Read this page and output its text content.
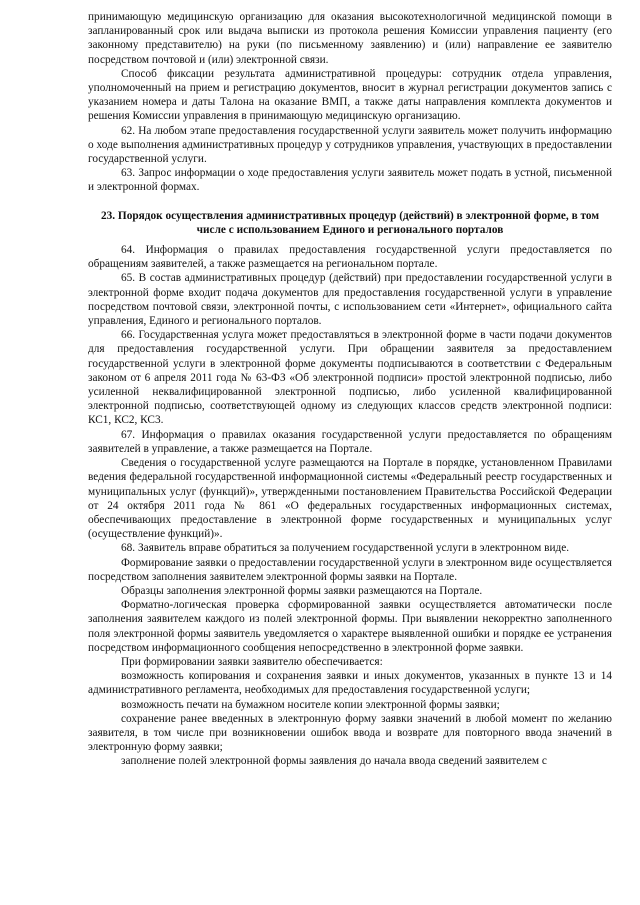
принимающую медицинскую организацию для оказания высокотехнологичной медицинской помощи в запланированный срок или выдача выписки из протокола решения Комиссии управления пациенту (его законному представителю) на руки (по письменному заявлению) и (или) направление ее заявителю посредством почтовой и (или) электронной связи.

Способ фиксации результата административной процедуры: сотрудник отдела управления, уполномоченный на прием и регистрацию документов, вносит в журнал регистрации документов запись с указанием номера и даты Талона на оказание ВМП, а также даты направления комплекта документов и решения Комиссии управления в принимающую медицинскую организацию.

62. На любом этапе предоставления государственной услуги заявитель может получить информацию о ходе выполнения административных процедур у сотрудников управления, участвующих в предоставлении государственной услуги.

63. Запрос информации о ходе предоставления услуги заявитель может подать в устной, письменной и электронной формах.

23. Порядок осуществления административных процедур (действий) в электронной форме, в том числе с использованием Единого и регионального порталов

64. Информация о правилах предоставления государственной услуги предоставляется по обращениям заявителей, а также размещается на региональном портале.

65. В состав административных процедур (действий) при предоставлении государственной услуги в электронной форме входит подача документов для предоставления государственной услуги в управление посредством почтовой связи, электронной почты, с использованием сети «Интернет», официального сайта управления, Единого и регионального порталов.

66. Государственная услуга может предоставляться в электронной форме в части подачи документов для предоставления государственной услуги. При обращении заявителя за предоставлением государственной услуги в электронной форме документы подписываются в соответствии с Федеральным законом от 6 апреля 2011 года № 63-ФЗ «Об электронной подписи» простой электронной подписью, либо усиленной неквалифицированной электронной подписью, либо усиленной квалифицированной электронной подписью, соответствующей одному из следующих классов средств электронной подписи: КС1, КС2, КС3.

67. Информация о правилах оказания государственной услуги предоставляется по обращениям заявителей в управление, а также размещается на Портале.

Сведения о государственной услуге размещаются на Портале в порядке, установленном Правилами ведения федеральной государственной информационной системы «Федеральный реестр государственных и муниципальных услуг (функций)», утвержденными постановлением Правительства Российской Федерации от 24 октября 2011 года № 861 «О федеральных государственных информационных системах, обеспечивающих предоставление в электронной форме государственных и муниципальных услуг (осуществление функций)».

68. Заявитель вправе обратиться за получением государственной услуги в электронном виде.

Формирование заявки о предоставлении государственной услуги в электронном виде осуществляется посредством заполнения заявителем электронной формы заявки на Портале.

Образцы заполнения электронной формы заявки размещаются на Портале.

Форматно-логическая проверка сформированной заявки осуществляется автоматически после заполнения заявителем каждого из полей электронной формы. При выявлении некорректно заполненного поля электронной формы заявитель уведомляется о характере выявленной ошибки и порядке ее устранения посредством информационного сообщения непосредственно в электронной форме заявки.

При формировании заявки заявителю обеспечивается:

возможность копирования и сохранения заявки и иных документов, указанных в пункте 13 и 14 административного регламента, необходимых для предоставления государственной услуги;

возможность печати на бумажном носителе копии электронной формы заявки;

сохранение ранее введенных в электронную форму заявки значений в любой момент по желанию заявителя, в том числе при возникновении ошибок ввода и возврате для повторного ввода значений в электронную форму заявки;

заполнение полей электронной формы заявления до начала ввода сведений заявителем с
